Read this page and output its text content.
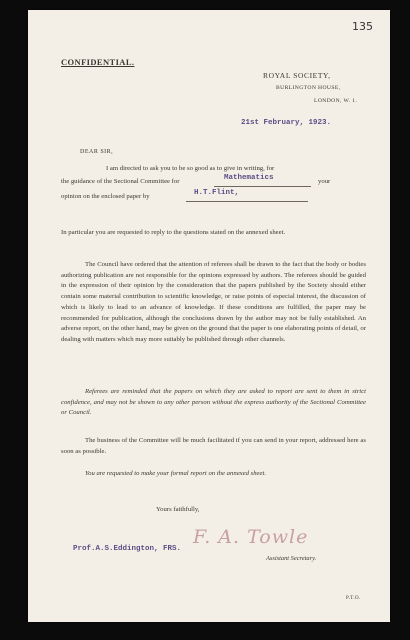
135
CONFIDENTIAL.
ROYAL SOCIETY,
BURLINGTON HOUSE,
LONDON, W. 1.
21st February, 1923.
DEAR SIR,
I am directed to ask you to be so good as to give in writing, for
the guidance of the Sectional Committee for	Mathematics	your
opinion on the enclosed paper by	H.T.Flint,
In particular you are requested to reply to the questions stated on the annexed sheet.
The Council have ordered that the attention of referees shall be drawn to the fact that the body or bodies authorizing publication are not responsible for the opinions expressed by authors. The referees should be guided in the expression of their opinion by the consideration that the papers published by the Society should either contain some material contribution to scientific knowledge, or raise points of especial interest, the discussion of which is likely to lead to an advance of knowledge. If these conditions are fulfilled, the paper may be recommended for publication, although the conclusions drawn by the author may not be fully established. An adverse report, on the other hand, may be given on the ground that the paper is one elaborating points of detail, or dealing with matters which may more suitably be published through other channels.
Referees are reminded that the papers on which they are asked to report are sent to them in strict confidence, and may not be shown to any other person without the express authority of the Sectional Committee or Council.
The business of the Committee will be much facilitated if you can send in your report, addressed here as soon as possible.
You are requested to make your formal report on the annexed sheet.
Yours faithfully,
F. A. Towle
Prof.A.S.Eddington, FRS.
Assistant Secretary.
P.T.O.
